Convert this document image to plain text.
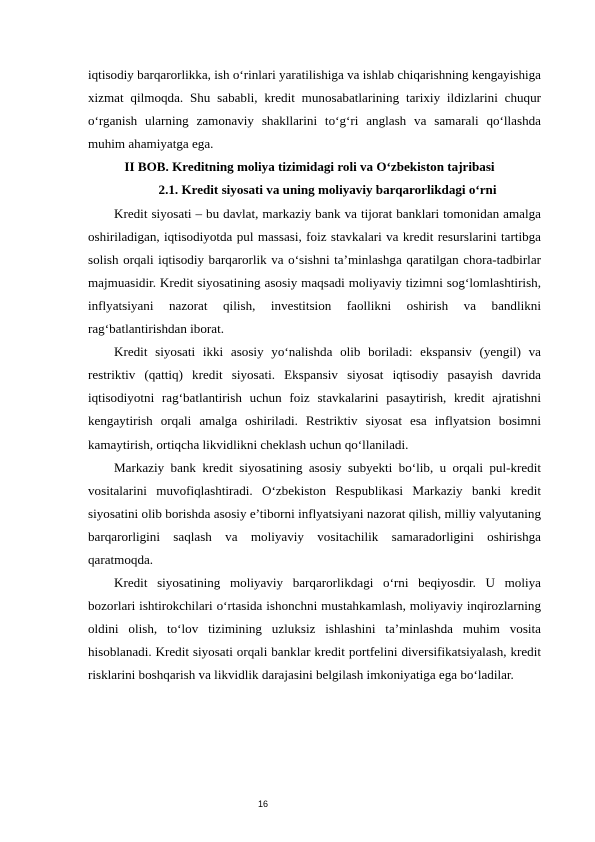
iqtisodiy barqarorlikka, ish o‘rinlari yaratilishiga va ishlab chiqarishning kengayishiga xizmat qilmoqda. Shu sababli, kredit munosabatlarining tarixiy ildizlarini chuqur o‘rganish ularning zamonaviy shakllarini to‘g‘ri anglash va samarali qo‘llashda muhim ahamiyatga ega.

II BOB. Kreditning moliya tizimidagi roli va O‘zbekiston tajribasi

2.1. Kredit siyosati va uning moliyaviy barqarorlikdagi o‘rni

Kredit siyosati – bu davlat, markaziy bank va tijorat banklari tomonidan amalga oshiriladigan, iqtisodiyotda pul massasi, foiz stavkalari va kredit resurslarini tartibga solish orqali iqtisodiy barqarorlik va o‘sishni ta’minlashga qaratilgan chora-tadbirlar majmuasidir. Kredit siyosatining asosiy maqsadi moliyaviy tizimni sog‘lomlashtirish, inflyatsiyani nazorat qilish, investitsion faollikni oshirish va bandlikni rag‘batlantirishdan iborat.

Kredit siyosati ikki asosiy yo‘nalishda olib boriladi: ekspansiv (yengil) va restriktiv (qattiq) kredit siyosati. Ekspansiv siyosat iqtisodiy pasayish davrida iqtisodiyotni rag‘batlantirish uchun foiz stavkalarini pasaytirish, kredit ajratishni kengaytirish orqali amalga oshiriladi. Restriktiv siyosat esa inflyatsion bosimni kamaytirish, ortiqcha likvidlikni cheklash uchun qo‘llaniladi.

Markaziy bank kredit siyosatining asosiy subyekti bo‘lib, u orqali pul-kredit vositalarini muvofiqlashtiradi. O‘zbekiston Respublikasi Markaziy banki kredit siyosatini olib borishda asosiy e’tiborni inflyatsiyani nazorat qilish, milliy valyutaning barqarorligini saqlash va moliyaviy vositachilik samaradorligini oshirishga qaratmoqda.

Kredit siyosatining moliyaviy barqarorlikdagi o‘rni beqiyosdir. U moliya bozorlari ishtirokchilari o‘rtasida ishonchni mustahkamlash, moliyaviy inqirozlarning oldini olish, to‘lov tizimining uzluksiz ishlashini ta’minlashda muhim vosita hisoblanadi. Kredit siyosati orqali banklar kredit portfelini diversifikatsiyalash, kredit risklarini boshqarish va likvidlik darajasini belgilash imkoniyatiga ega bo‘ladilar.

16
